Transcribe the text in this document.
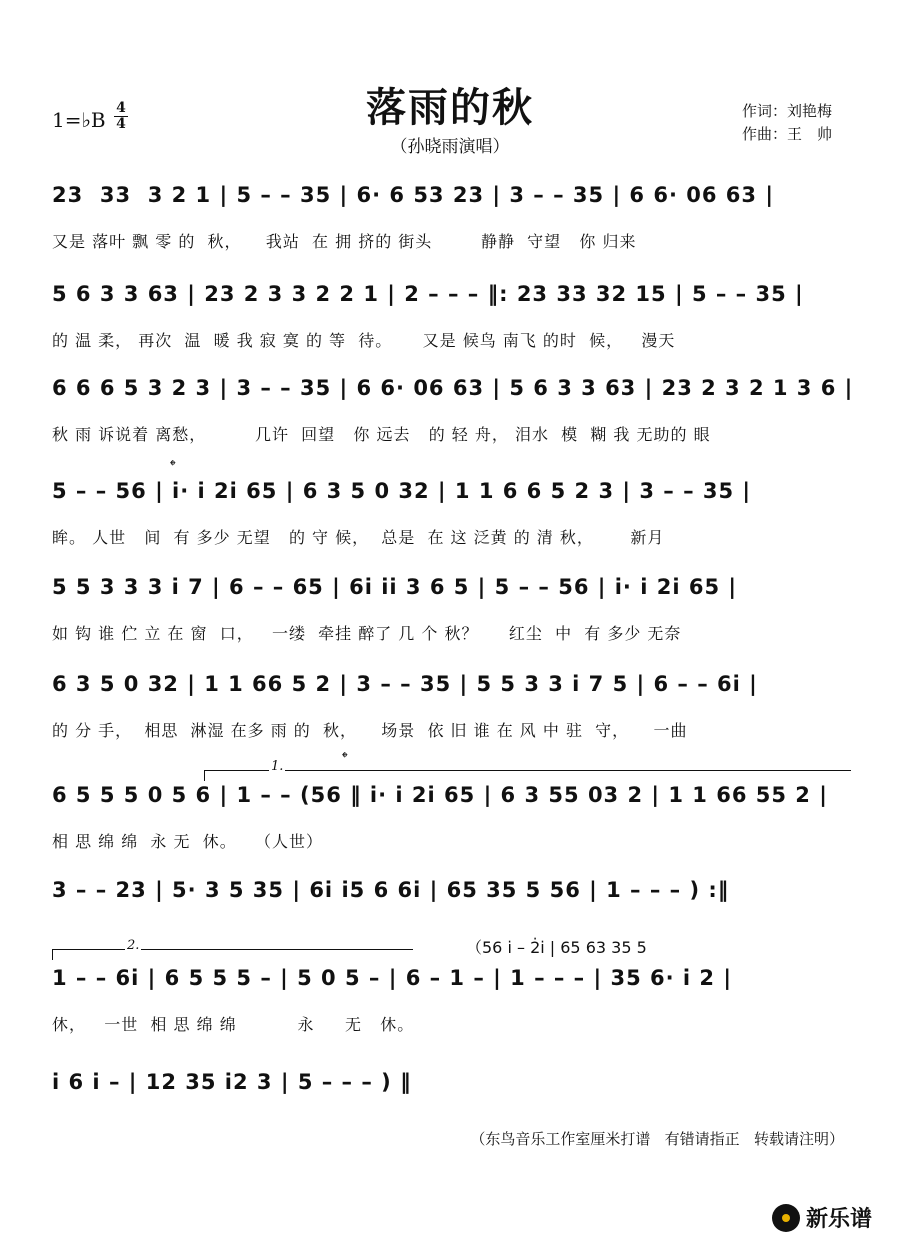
落雨的秋
（孙晓雨演唱）
1=♭B 4
4
作词：刘艳梅
作曲：王　帅
𝄌
𝄌
1.
2.	（56 i̇ – 2̇i̇ | 65 63 35 5
23  33  3 2 1 | 5 – – 35 | 6· 6 53 23 | 3 – – 35 | 6 6· 06 63 |
又是 落叶 飘 零 的  秋，    我站  在 拥 挤的 街头        静静  守望   你 归来
5 6 3 3 63 | 23 2 3 3 2 2 1 | 2 – – – ‖: 23 33 32 15 | 5 – – 35 |
的 温 柔， 再次  温  暖 我 寂 寞 的 等  待。     又是 候鸟 南飞 的时  候，   漫天
6 6 6 5 3 2 3 | 3 – – 35 | 6 6· 06 63 | 5 6 3 3 63 | 23 2 3 2 1 3 6 |
秋 雨 诉说着 离愁，        几许  回望   你 远去   的 轻 舟， 泪水  模  糊 我 无助的 眼
5 – – 56 | i· i 2i 65 | 6 3 5 0 32 | 1 1 6 6 5 2 3 | 3 – – 35 |
眸。 人世   间  有 多少 无望   的 守 候，  总是  在 这 泛黄 的 清 秋，      新月
5 5 3 3 3 i 7 | 6 – – 65 | 6i ii 3 6 5 | 5 – – 56 | i· i 2i 65 |
如 钩 谁 伫 立 在 窗  口，   一缕  牵挂 醉了 几 个 秋？     红尘  中  有 多少 无奈
6 3 5 0 32 | 1 1 66 5 2 | 3 – – 35 | 5 5 3 3 i 7 5 | 6 – – 6i |
的 分 手，  相思  淋湿 在多 雨 的  秋，    场景  依 旧 谁 在 风 中 驻  守，    一曲
6 5 5 5 0 5 6 | 1 – – (56 ‖ i· i 2i 65 | 6 3 55 03 2 | 1 1 66 55 2 |
相 思 绵 绵  永 无  休。   （人世）
3 – – 23 | 5· 3 5 35 | 6i i5 6 6i | 65 35 5 56 | 1 – – – ) :‖
1 – – 6i | 6 5 5 5 – | 5 0 5 – | 6 – 1 – | 1 – – – | 35 6· i 2 |
休，   一世  相 思 绵 绵          永     无   休。
i 6 i – | 12 35 i2 3 | 5 – – – ) ‖
（东鸟音乐工作室厘米打谱   有错请指正   转载请注明）
新乐谱
